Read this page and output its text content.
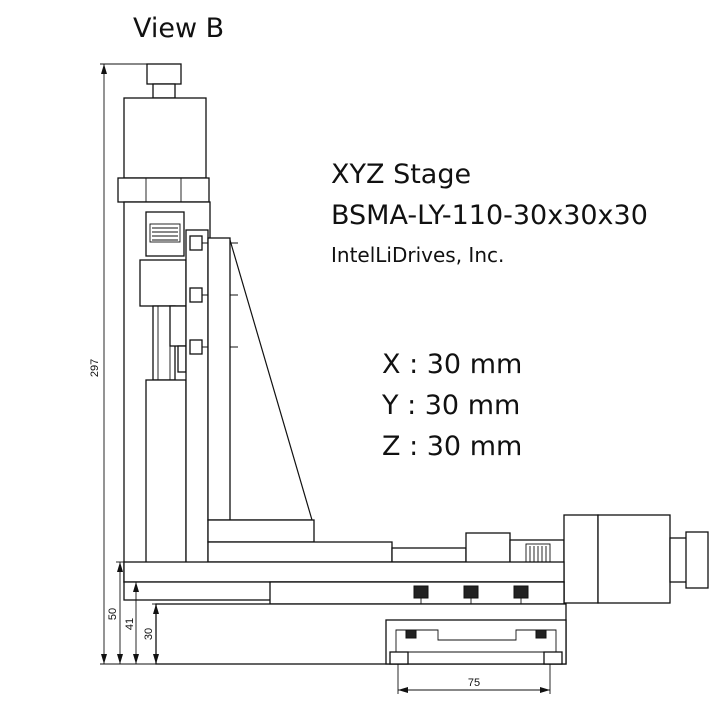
View B
XYZ Stage
BSMA-LY-110-30x30x30
IntelLiDrives, Inc.
X : 30 mm
Y : 30 mm
Z : 30 mm
297
50
41
30
75
